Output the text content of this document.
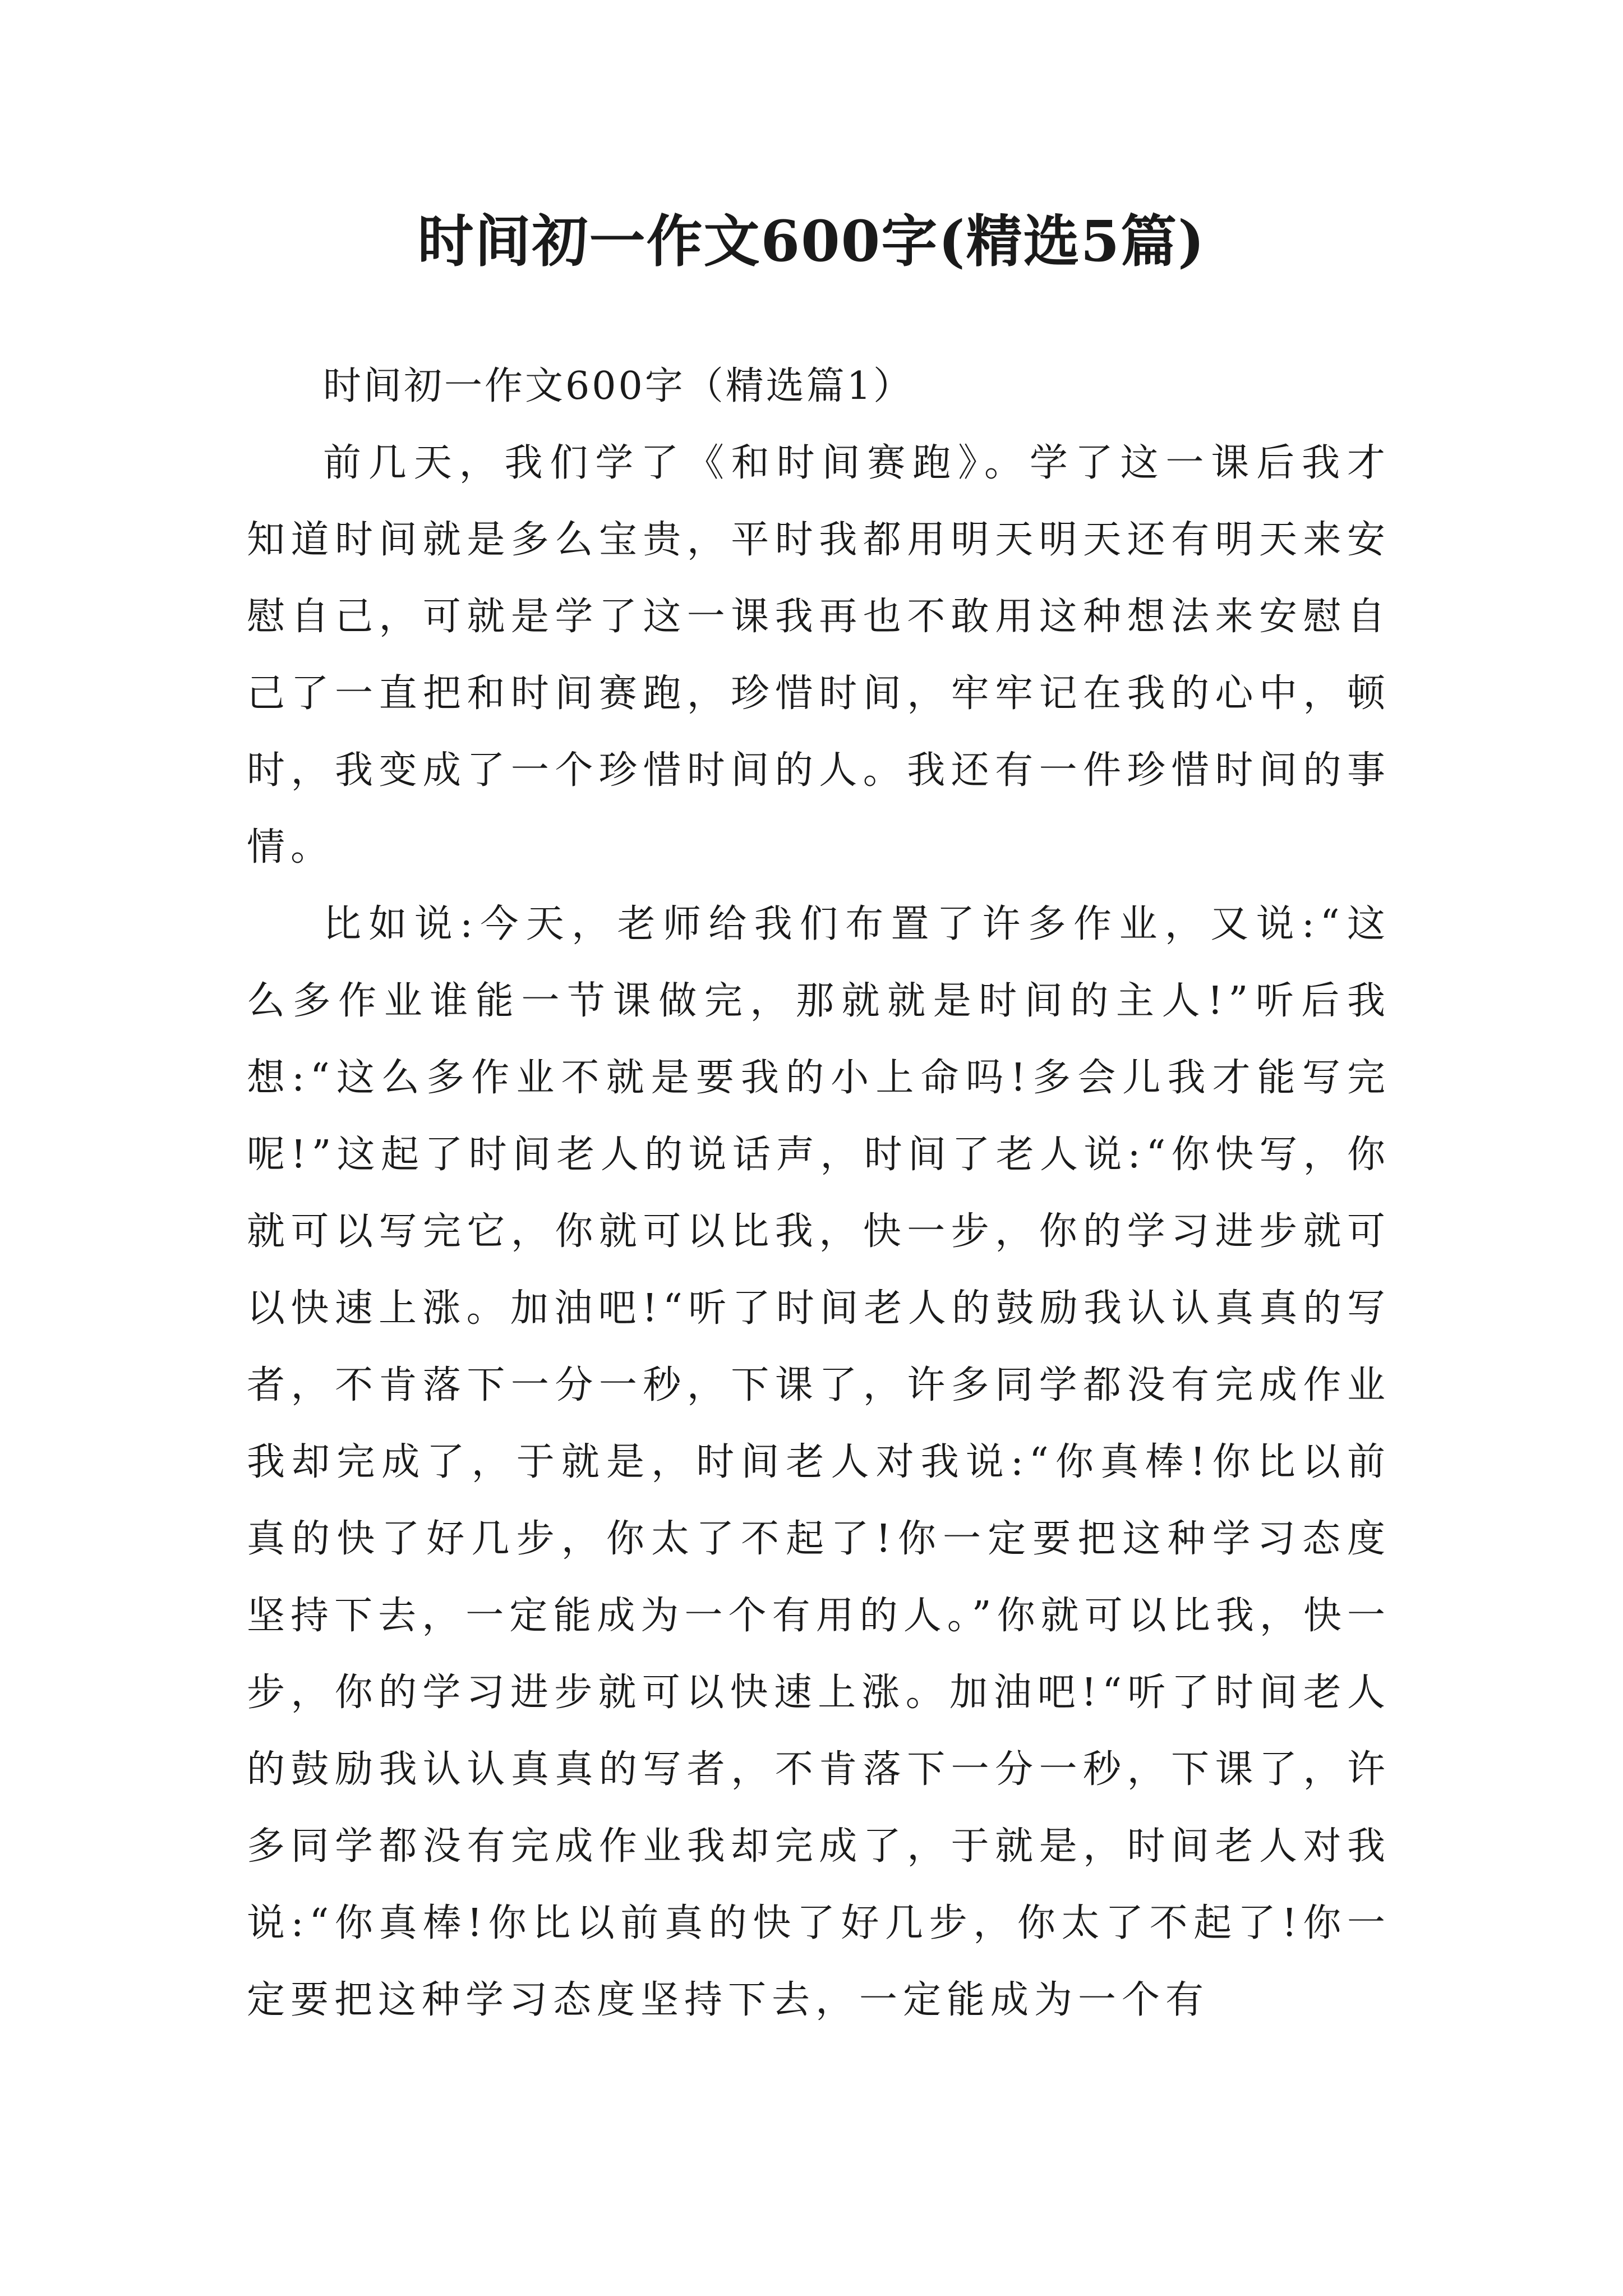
时间初一作文600字(精选5篇)

时间初一作文600字（精选篇1）

前几天，我们学了《和时间赛跑》。学了这一课后我才知道时间就是多么宝贵，平时我都用明天明天还有明天来安慰自己，可就是学了这一课我再也不敢用这种想法来安慰自己了一直把和时间赛跑，珍惜时间，牢牢记在我的心中，顿时，我变成了一个珍惜时间的人。我还有一件珍惜时间的事情。

比如说:今天，老师给我们布置了许多作业，又说:“这么多作业谁能一节课做完，那就就是时间的主人!”听后我想:“这么多作业不就是要我的小上命吗!多会儿我才能写完呢!”这起了时间老人的说话声，时间了老人说:“你快写，你就可以写完它，你就可以比我，快一步，你的学习进步就可以快速上涨。加油吧!“听了时间老人的鼓励我认认真真的写者，不肯落下一分一秒，下课了，许多同学都没有完成作业我却完成了，于就是，时间老人对我说:“你真棒!你比以前真的快了好几步，你太了不起了!你一定要把这种学习态度坚持下去，一定能成为一个有用的人。”你就可以比我，快一步，你的学习进步就可以快速上涨。加油吧!“听了时间老人的鼓励我认认真真的写者，不肯落下一分一秒，下课了，许多同学都没有完成作业我却完成了，于就是，时间老人对我说:“你真棒!你比以前真的快了好几步，你太了不起了!你一定要把这种学习态度坚持下去，一定能成为一个有
